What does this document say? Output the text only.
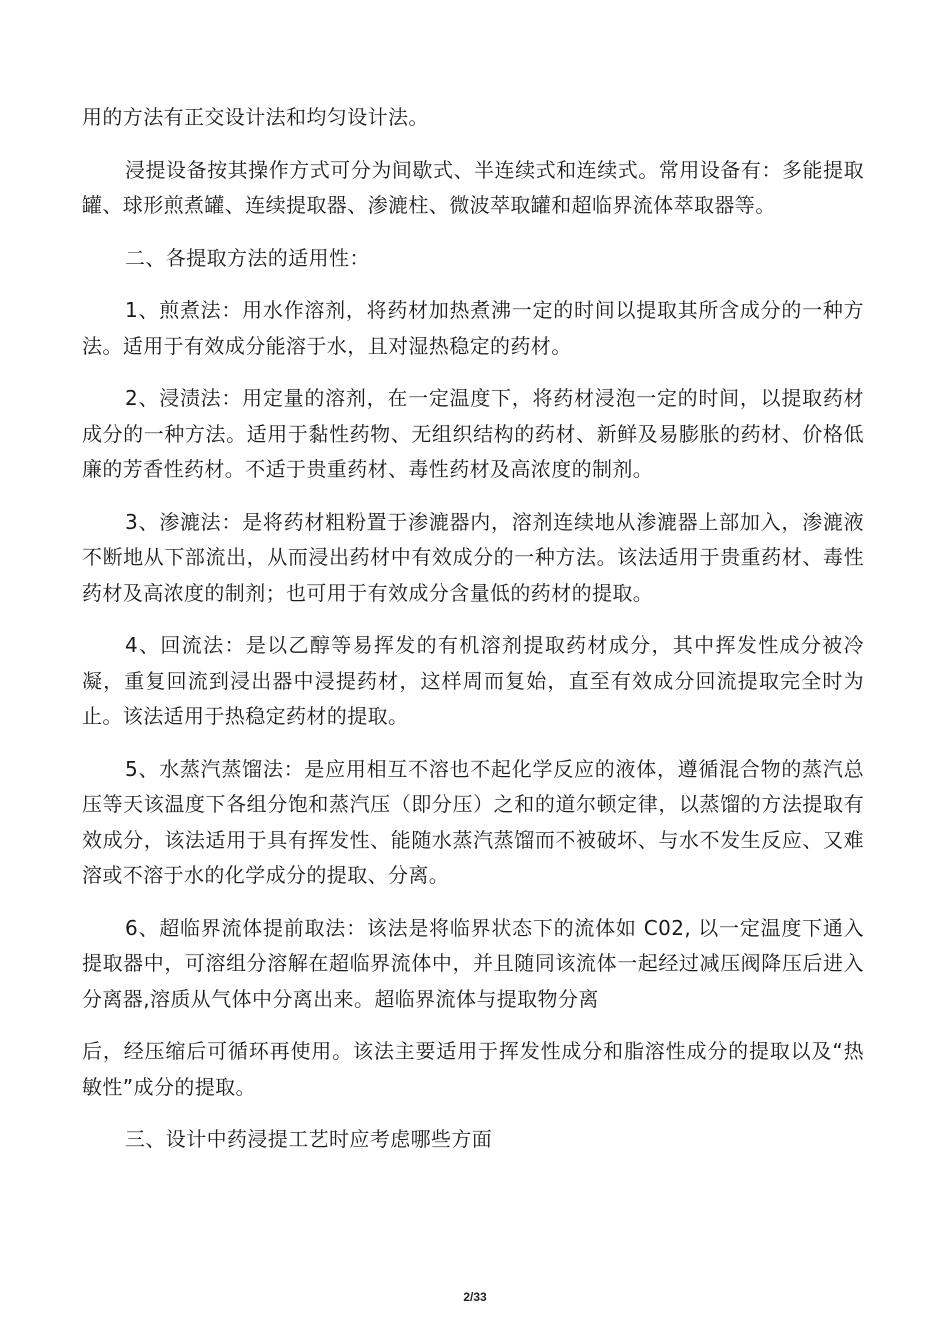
用的方法有正交设计法和均匀设计法。

浸提设备按其操作方式可分为间歇式、半连续式和连续式。常用设备有：多能提取罐、球形煎煮罐、连续提取器、渗漉柱、微波萃取罐和超临界流体萃取器等。

二、各提取方法的适用性：

1、煎煮法：用水作溶剂，将药材加热煮沸一定的时间以提取其所含成分的一种方法。适用于有效成分能溶于水，且对湿热稳定的药材。

2、浸渍法：用定量的溶剂，在一定温度下，将药材浸泡一定的时间，以提取药材成分的一种方法。适用于黏性药物、无组织结构的药材、新鲜及易膨胀的药材、价格低廉的芳香性药材。不适于贵重药材、毒性药材及高浓度的制剂。

3、渗漉法：是将药材粗粉置于渗漉器内，溶剂连续地从渗漉器上部加入，渗漉液不断地从下部流出，从而浸出药材中有效成分的一种方法。该法适用于贵重药材、毒性药材及高浓度的制剂；也可用于有效成分含量低的药材的提取。

4、回流法：是以乙醇等易挥发的有机溶剂提取药材成分，其中挥发性成分被冷凝，重复回流到浸出器中浸提药材，这样周而复始，直至有效成分回流提取完全时为止。该法适用于热稳定药材的提取。

5、水蒸汽蒸馏法：是应用相互不溶也不起化学反应的液体，遵循混合物的蒸汽总压等天该温度下各组分饱和蒸汽压（即分压）之和的道尔顿定律，以蒸馏的方法提取有效成分，该法适用于具有挥发性、能随水蒸汽蒸馏而不被破坏、与水不发生反应、又难溶或不溶于水的化学成分的提取、分离。

6、超临界流体提前取法：该法是将临界状态下的流体如 C02, 以一定温度下通入提取器中，可溶组分溶解在超临界流体中，并且随同该流体一起经过减压阀降压后进入分离器,溶质从气体中分离出来。超临界流体与提取物分离

后，经压缩后可循环再使用。该法主要适用于挥发性成分和脂溶性成分的提取以及“热敏性”成分的提取。

三、设计中药浸提工艺时应考虑哪些方面

2/33
